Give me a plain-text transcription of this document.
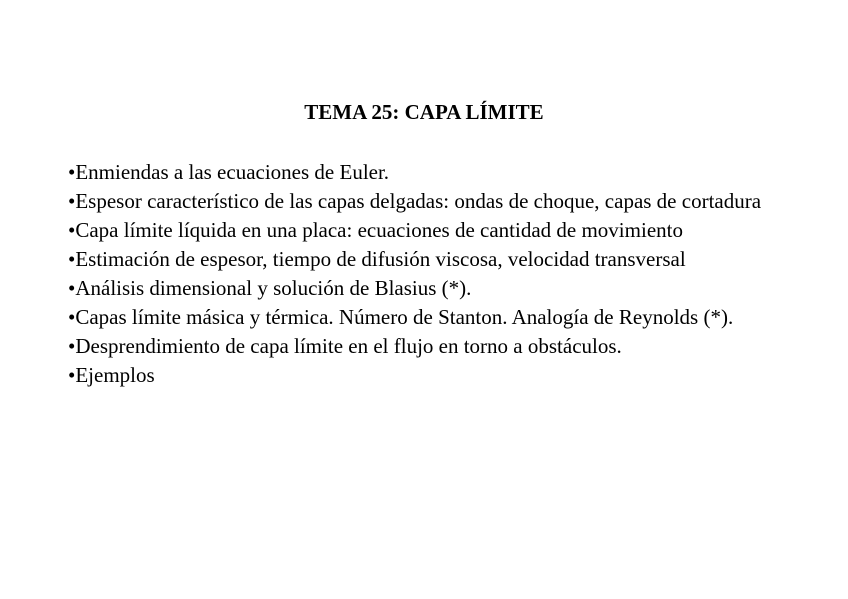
TEMA 25: CAPA LÍMITE
•Enmiendas a las ecuaciones de Euler.
•Espesor característico de las capas delgadas: ondas de choque, capas de cortadura
•Capa límite líquida en una placa: ecuaciones de cantidad de movimiento
•Estimación de espesor, tiempo de difusión viscosa, velocidad transversal
•Análisis dimensional y solución de Blasius (*).
•Capas límite másica y térmica. Número de Stanton. Analogía de Reynolds (*).
•Desprendimiento de capa límite en el flujo en torno a obstáculos.
•Ejemplos
